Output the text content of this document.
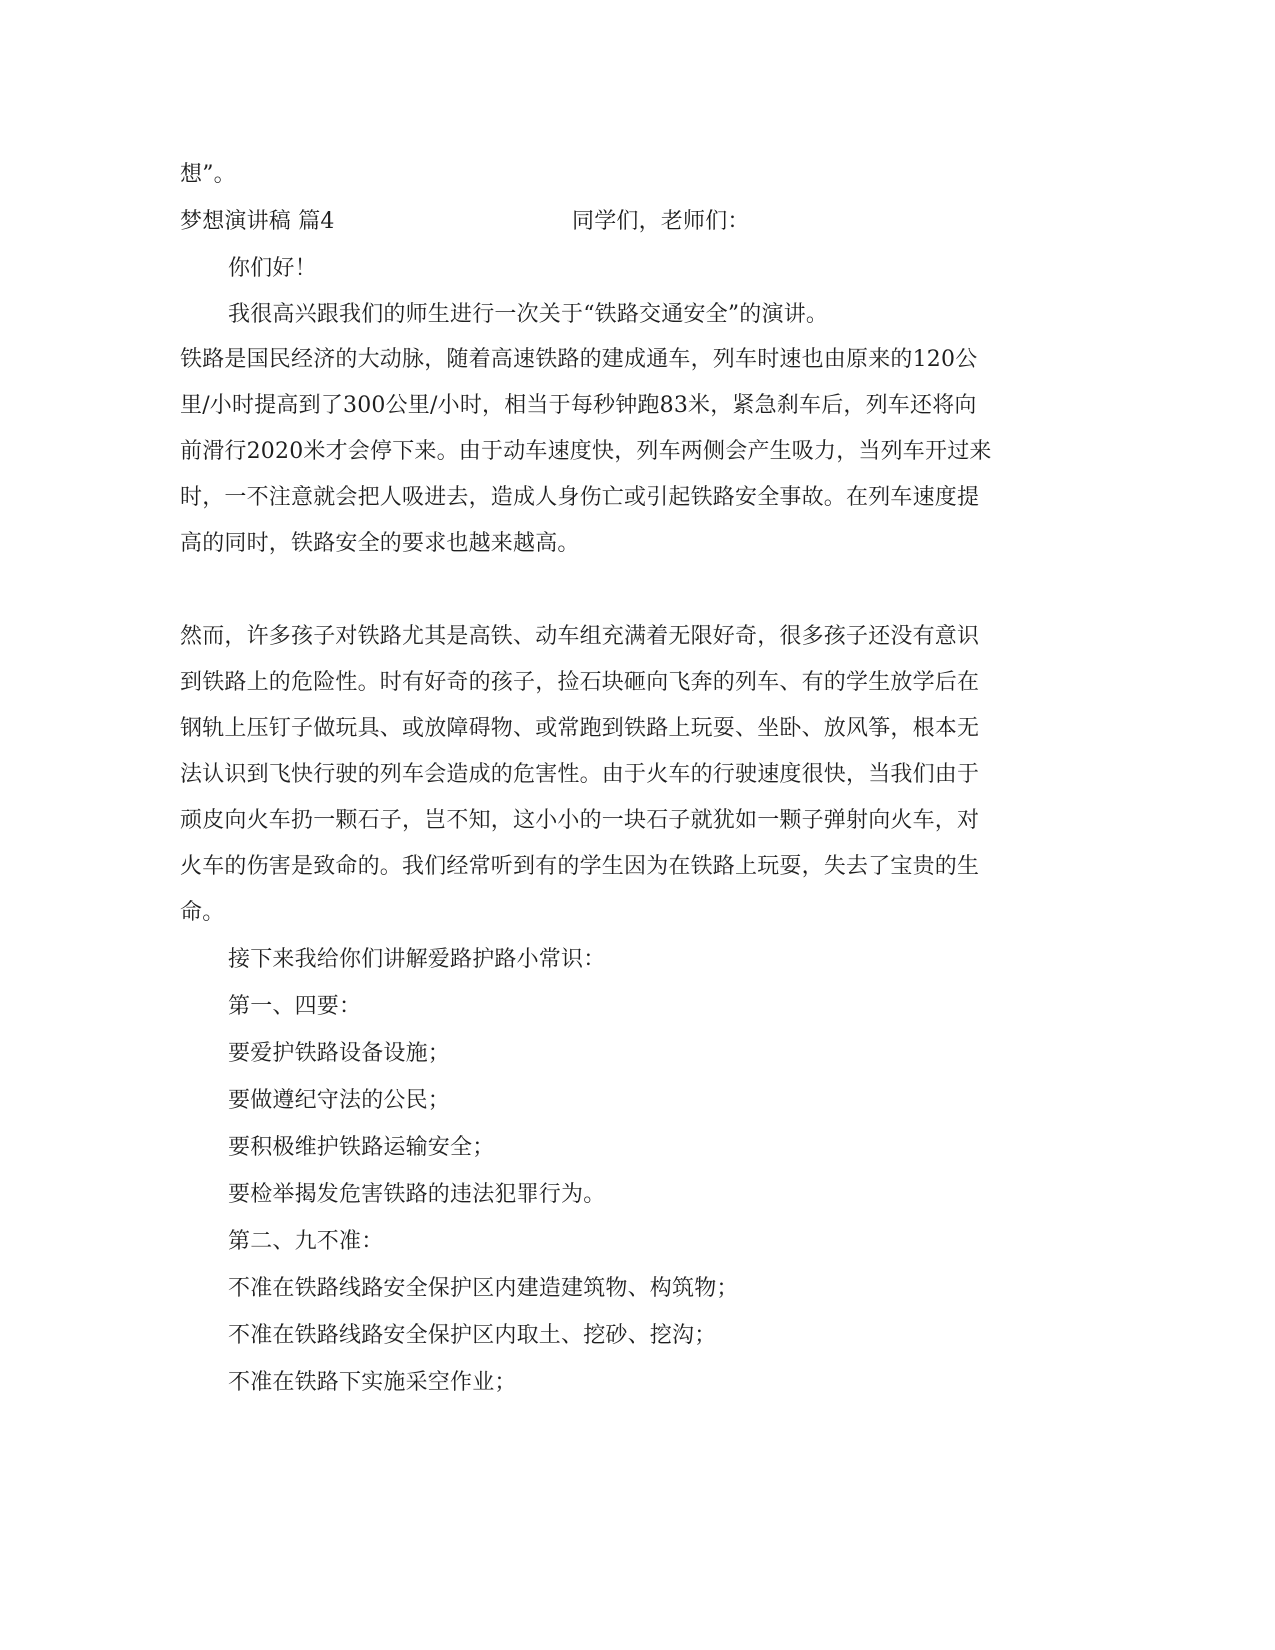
想”。
梦想演讲稿 篇4	同学们，老师们：
你们好！
我很高兴跟我们的师生进行一次关于“铁路交通安全”的演讲。
铁路是国民经济的大动脉，随着高速铁路的建成通车，列车时速也由原来的120公
里/小时提高到了300公里/小时，相当于每秒钟跑83米，紧急刹车后，列车还将向
前滑行2020米才会停下来。由于动车速度快，列车两侧会产生吸力，当列车开过来
时，一不注意就会把人吸进去，造成人身伤亡或引起铁路安全事故。在列车速度提
高的同时，铁路安全的要求也越来越高。
然而，许多孩子对铁路尤其是高铁、动车组充满着无限好奇，很多孩子还没有意识
到铁路上的危险性。时有好奇的孩子，捡石块砸向飞奔的列车、有的学生放学后在
钢轨上压钉子做玩具、或放障碍物、或常跑到铁路上玩耍、坐卧、放风筝，根本无
法认识到飞快行驶的列车会造成的危害性。由于火车的行驶速度很快，当我们由于
顽皮向火车扔一颗石子，岂不知，这小小的一块石子就犹如一颗子弹射向火车，对
火车的伤害是致命的。我们经常听到有的学生因为在铁路上玩耍，失去了宝贵的生
命。
接下来我给你们讲解爱路护路小常识：
第一、四要：
要爱护铁路设备设施；
要做遵纪守法的公民；
要积极维护铁路运输安全；
要检举揭发危害铁路的违法犯罪行为。
第二、九不准：
不准在铁路线路安全保护区内建造建筑物、构筑物；
不准在铁路线路安全保护区内取土、挖砂、挖沟；
不准在铁路下实施采空作业；
